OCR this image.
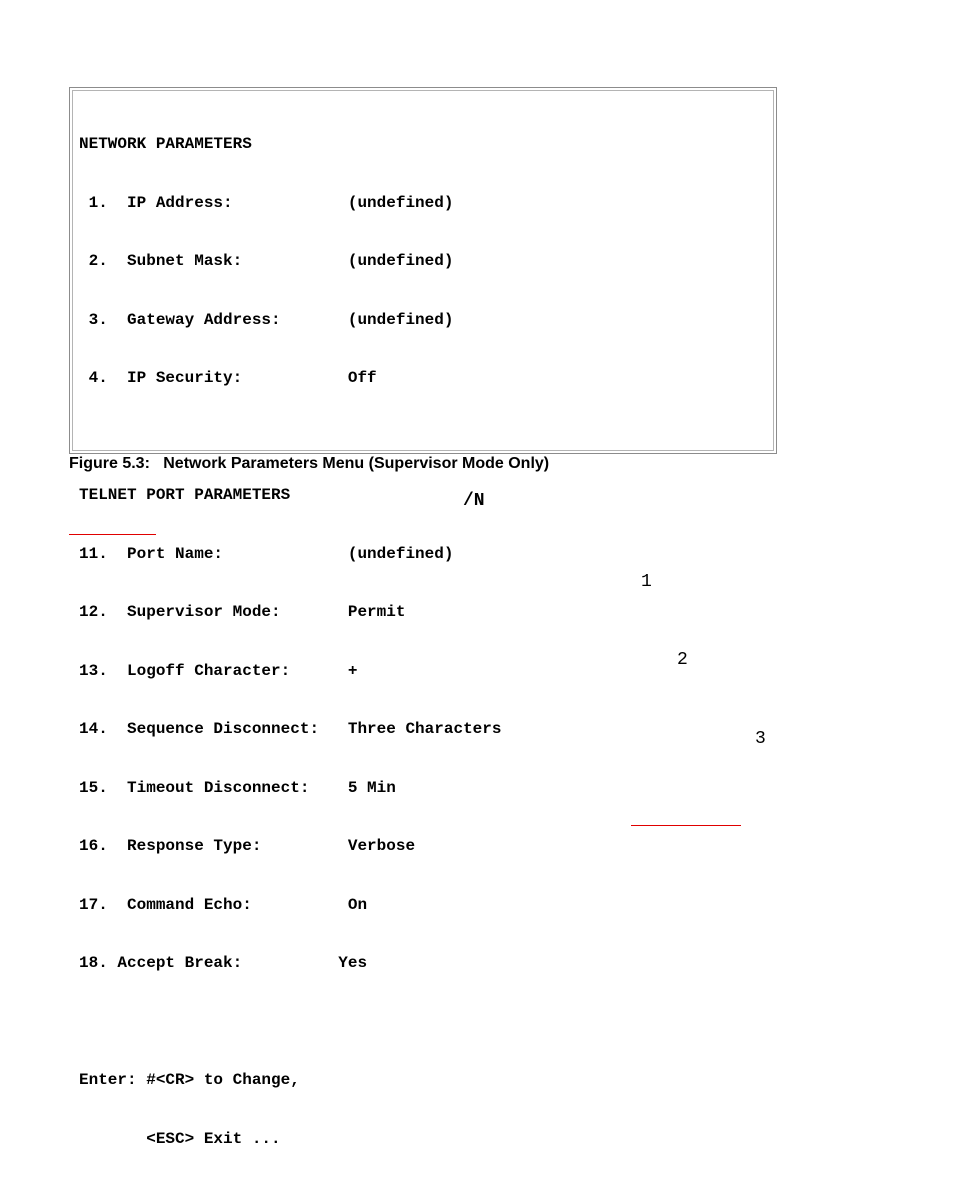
NETWORK PARAMETERS

1.  IP Address:            (undefined)

2.  Subnet Mask:           (undefined)

3.  Gateway Address:       (undefined)

4.  IP Security:           Off

TELNET PORT PARAMETERS

11.  Port Name:             (undefined)

12.  Supervisor Mode:       Permit

13.  Logoff Character:      +

14.  Sequence Disconnect:   Three Characters

15.  Timeout Disconnect:    5 Min

16.  Response Type:         Verbose

17.  Command Echo:          On

18. Accept Break:          Yes

Enter: #<CR> to Change,

<ESC> Exit ...

Figure 5.3:   Network Parameters Menu (Supervisor Mode Only)
/N
1
2
3
